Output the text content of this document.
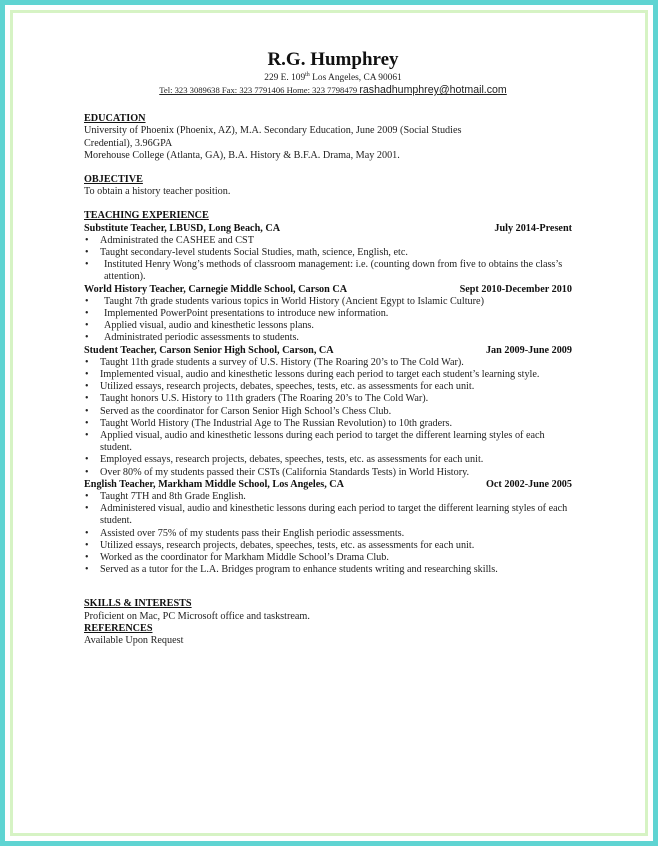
R.G. Humphrey
229 E. 109th Los Angeles, CA 90061
Tel: 323 3089638 Fax: 323 7791406 Home: 323 7798479 rashadhumphrey@hotmail.com
EDUCATION

University of Phoenix (Phoenix, AZ), M.A. Secondary Education, June 2009 (Social Studies

Credential), 3.96GPA

Morehouse College (Atlanta, GA), B.A. History & B.F.A. Drama, May 2001.

OBJECTIVE

To obtain a history teacher position.

TEACHING EXPERIENCE
Substitute Teacher, LBUSD, Long Beach, CA	July 2014-Present
• Administrated the CASHEE and CST
• Taught secondary-level students Social Studies, math, science, English, etc.
• Instituted Henry Wong’s methods of classroom management: i.e. (counting down from five to obtains the class’s attention).
World History Teacher, Carnegie Middle School, Carson CA	Sept 2010-December 2010
• Taught 7th grade students various topics in World History (Ancient Egypt to Islamic Culture)
• Implemented PowerPoint presentations to introduce new information.
• Applied visual, audio and kinesthetic lessons plans.
• Administrated periodic assessments to students.
Student Teacher, Carson Senior High School, Carson, CA	Jan 2009-June 2009
• Taught 11th grade students a survey of U.S. History (The Roaring 20’s to The Cold War).
• Implemented visual, audio and kinesthetic lessons during each period to target each student’s learning style.
• Utilized essays, research projects, debates, speeches, tests, etc. as assessments for each unit.
• Taught honors U.S. History to 11th graders (The Roaring 20’s to The Cold War).
• Served as the coordinator for Carson Senior High School’s Chess Club.
• Taught World History (The Industrial Age to The Russian Revolution) to 10th graders.
• Applied visual, audio and kinesthetic lessons during each period to target the different learning styles of each student.
• Employed essays, research projects, debates, speeches, tests, etc. as assessments for each unit.
• Over 80% of my students passed their CSTs (California Standards Tests) in World History.
English Teacher, Markham Middle School, Los Angeles, CA	Oct 2002-June 2005
• Taught 7TH and 8th Grade English.
• Administered visual, audio and kinesthetic lessons during each period to target the different learning styles of each student.
• Assisted over 75% of my students pass their English periodic assessments.
• Utilized essays, research projects, debates, speeches, tests, etc. as assessments for each unit.
• Worked as the coordinator for Markham Middle School’s Drama Club.
• Served as a tutor for the L.A. Bridges program to enhance students writing and researching skills.
SKILLS & INTERESTS

Proficient on Mac, PC Microsoft office and taskstream.

REFERENCES

Available Upon Request
